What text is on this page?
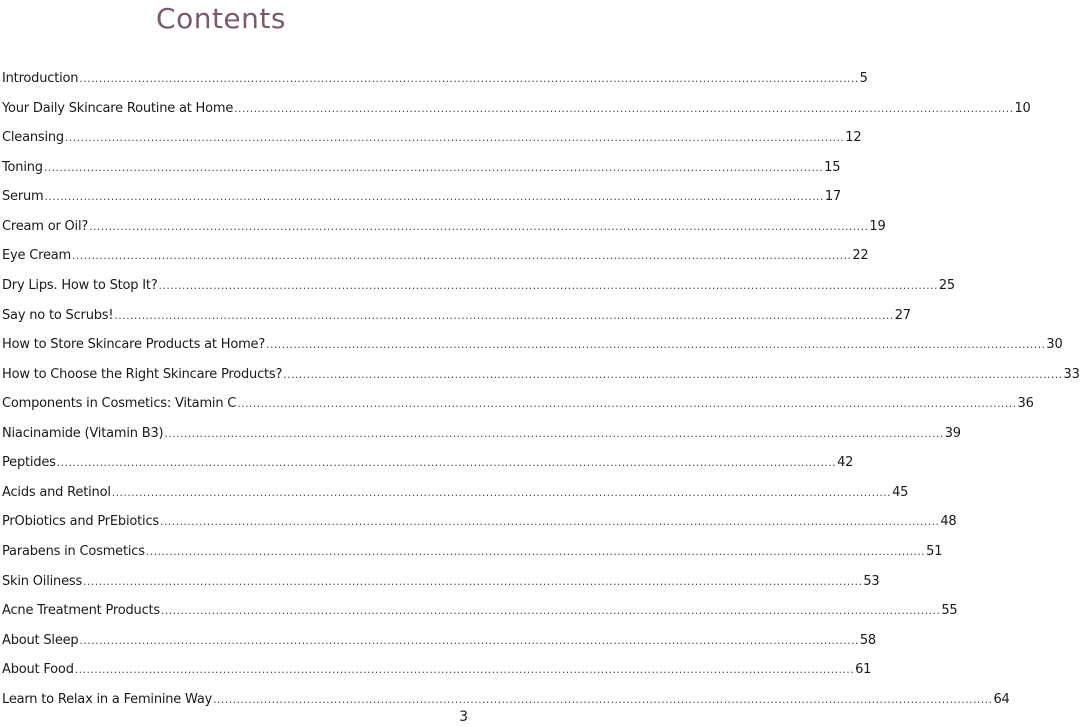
Contents
Introduction ........................................................................................................................................................................................................ 5
Your Daily Skincare Routine at Home ........................................................................................................................................................................................................ 10
Cleansing ........................................................................................................................................................................................................ 12
Toning ........................................................................................................................................................................................................ 15
Serum ........................................................................................................................................................................................................ 17
Cream or Oil? ........................................................................................................................................................................................................ 19
Eye Cream ........................................................................................................................................................................................................ 22
Dry Lips. How to Stop It? ........................................................................................................................................................................................................ 25
Say no to Scrubs! ........................................................................................................................................................................................................ 27
How to Store Skincare Products at Home? ........................................................................................................................................................................................................ 30
How to Choose the Right Skincare Products? ........................................................................................................................................................................................................ 33
Components in Cosmetics: Vitamin C ........................................................................................................................................................................................................ 36
Niacinamide (Vitamin B3) ........................................................................................................................................................................................................ 39
Peptides ........................................................................................................................................................................................................ 42
Acids and Retinol ........................................................................................................................................................................................................ 45
PrObiotics and PrEbiotics ........................................................................................................................................................................................................ 48
Parabens in Cosmetics ........................................................................................................................................................................................................ 51
Skin Oiliness ........................................................................................................................................................................................................ 53
Acne Treatment Products ........................................................................................................................................................................................................ 55
About Sleep ........................................................................................................................................................................................................ 58
About Food ........................................................................................................................................................................................................ 61
Learn to Relax in a Feminine Way ........................................................................................................................................................................................................ 64
3
